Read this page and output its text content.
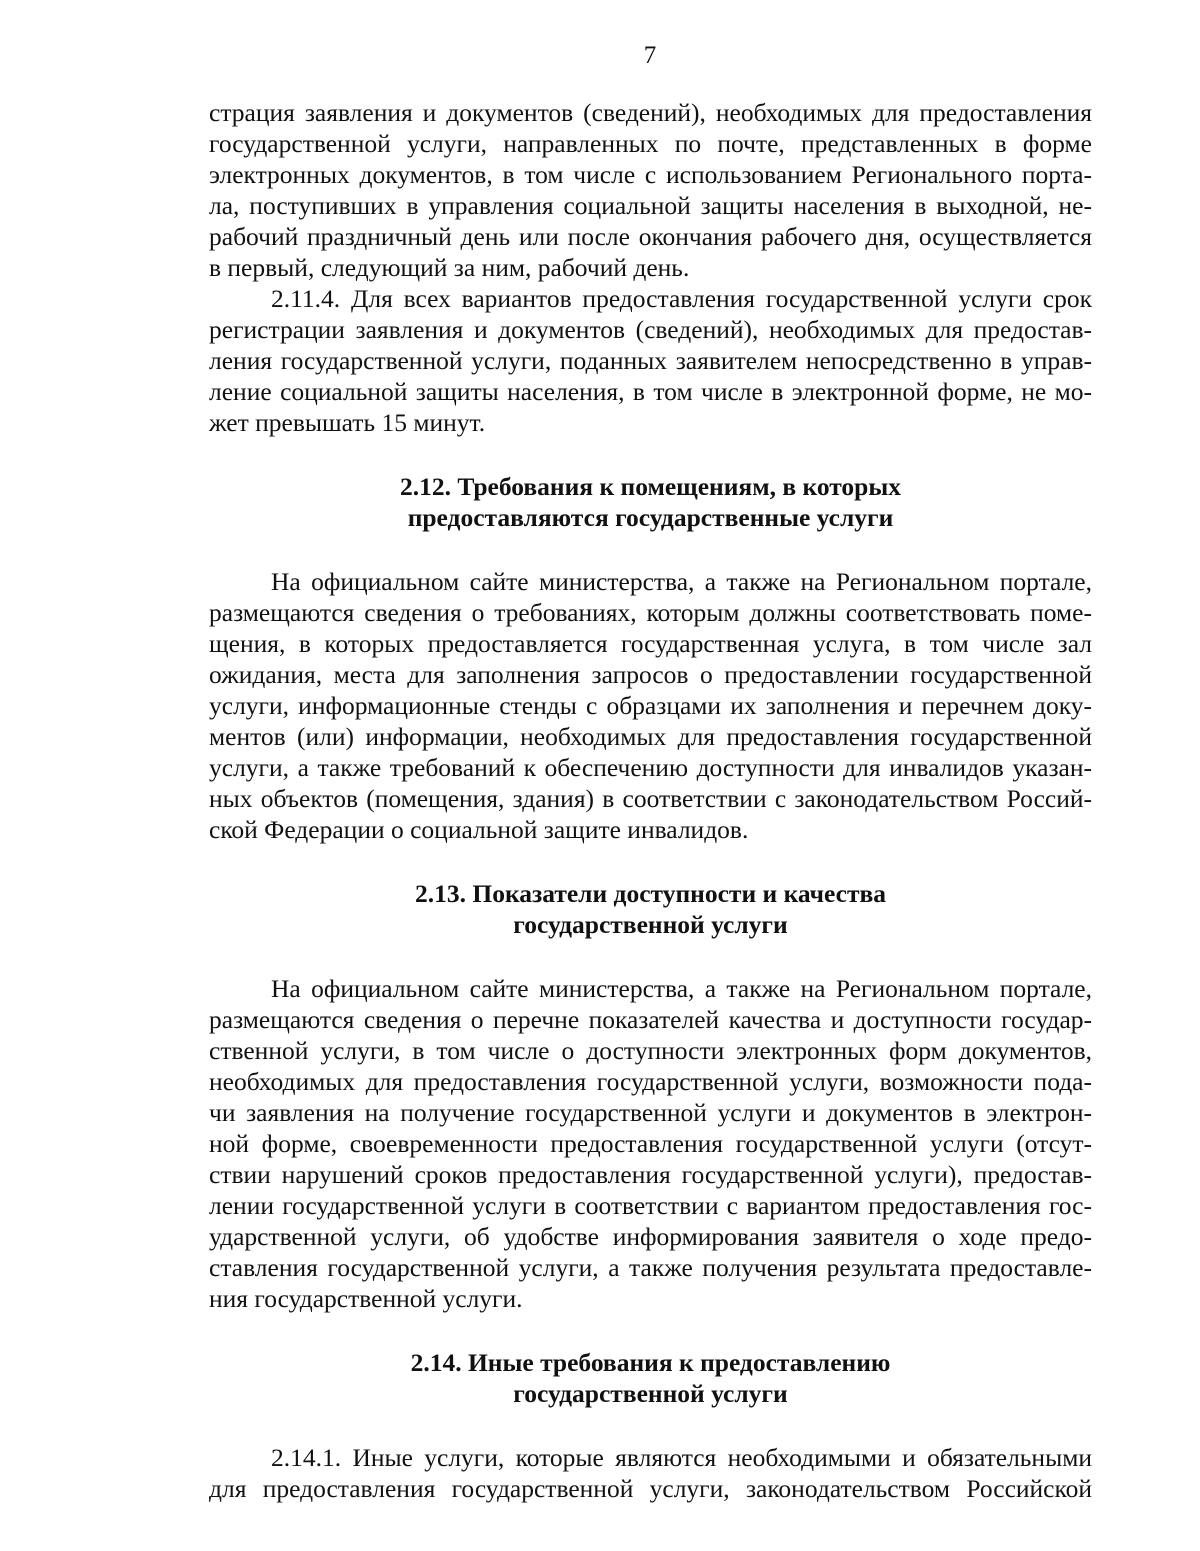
7
страция заявления и документов (сведений), необходимых для предоставления
государственной услуги, направленных по почте, представленных в форме
электронных документов, в том числе с использованием Регионального порта-
ла, поступивших в управления социальной защиты населения в выходной, не-
рабочий праздничный день или после окончания рабочего дня, осуществляется
в первый, следующий за ним, рабочий день.
2.11.4. Для всех вариантов предоставления государственной услуги срок
регистрации заявления и документов (сведений), необходимых для предостав-
ления государственной услуги, поданных заявителем непосредственно в управ-
ление социальной защиты населения, в том числе в электронной форме, не мо-
жет превышать 15 минут.
2.12. Требования к помещениям, в которых
предоставляются государственные услуги
На официальном сайте министерства, а также на Региональном портале,
размещаются сведения о требованиях, которым должны соответствовать поме-
щения, в которых предоставляется государственная услуга, в том числе зал
ожидания, места для заполнения запросов о предоставлении государственной
услуги, информационные стенды с образцами их заполнения и перечнем доку-
ментов (или) информации, необходимых для предоставления государственной
услуги, а также требований к обеспечению доступности для инвалидов указан-
ных объектов (помещения, здания) в соответствии с законодательством Россий-
ской Федерации о социальной защите инвалидов.
2.13. Показатели доступности и качества
государственной услуги
На официальном сайте министерства, а также на Региональном портале,
размещаются сведения о перечне показателей качества и доступности государ-
ственной услуги, в том числе о доступности электронных форм документов,
необходимых для предоставления государственной услуги, возможности пода-
чи заявления на получение государственной услуги и документов в электрон-
ной форме, своевременности предоставления государственной услуги (отсут-
ствии нарушений сроков предоставления государственной услуги), предостав-
лении государственной услуги в соответствии с вариантом предоставления гос-
ударственной услуги, об удобстве информирования заявителя о ходе предо-
ставления государственной услуги, а также получения результата предоставле-
ния государственной услуги.
2.14. Иные требования к предоставлению
государственной услуги
2.14.1. Иные услуги, которые являются необходимыми и обязательными
для предоставления государственной услуги, законодательством Российской
